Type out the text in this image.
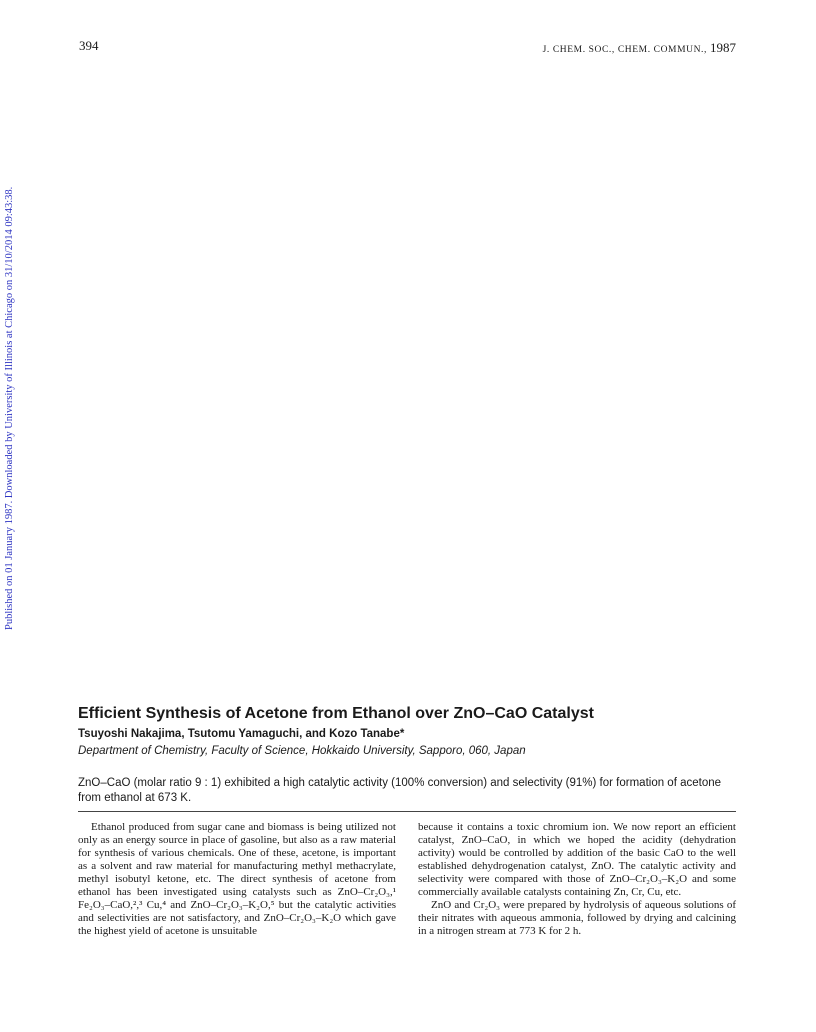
394	J. CHEM. SOC., CHEM. COMMUN., 1987
Published on 01 January 1987. Downloaded by University of Illinois at Chicago on 31/10/2014 09:43:38.
Efficient Synthesis of Acetone from Ethanol over ZnO–CaO Catalyst
Tsuyoshi Nakajima, Tsutomu Yamaguchi, and Kozo Tanabe*
Department of Chemistry, Faculty of Science, Hokkaido University, Sapporo, 060, Japan

ZnO–CaO (molar ratio 9 : 1) exhibited a high catalytic activity (100% conversion) and selectivity (91%) for formation of acetone from ethanol at 673 K.

Ethanol produced from sugar cane and biomass is being utilized not only as an energy source in place of gasoline, but also as a raw material for synthesis of various chemicals. One of these, acetone, is important as a solvent and raw material for manufacturing methyl methacrylate, methyl isobutyl ketone, etc. The direct synthesis of acetone from ethanol has been investigated using catalysts such as ZnO–Cr₂O₃,¹ Fe₂O₃–CaO,²,³ Cu,⁴ and ZnO–Cr₂O₃–K₂O,⁵ but the catalytic activities and selectivities are not satisfactory, and ZnO–Cr₂O₃–K₂O which gave the highest yield of acetone is unsuitable

because it contains a toxic chromium ion. We now report an efficient catalyst, ZnO–CaO, in which we hoped the acidity (dehydration activity) would be controlled by addition of the basic CaO to the well established dehydrogenation catalyst, ZnO. The catalytic activity and selectivity were compared with those of ZnO–Cr₂O₃–K₂O and some commercially available catalysts containing Zn, Cr, Cu, etc.

ZnO and Cr₂O₃ were prepared by hydrolysis of aqueous solutions of their nitrates with aqueous ammonia, followed by drying and calcining in a nitrogen stream at 773 K for 2 h.
